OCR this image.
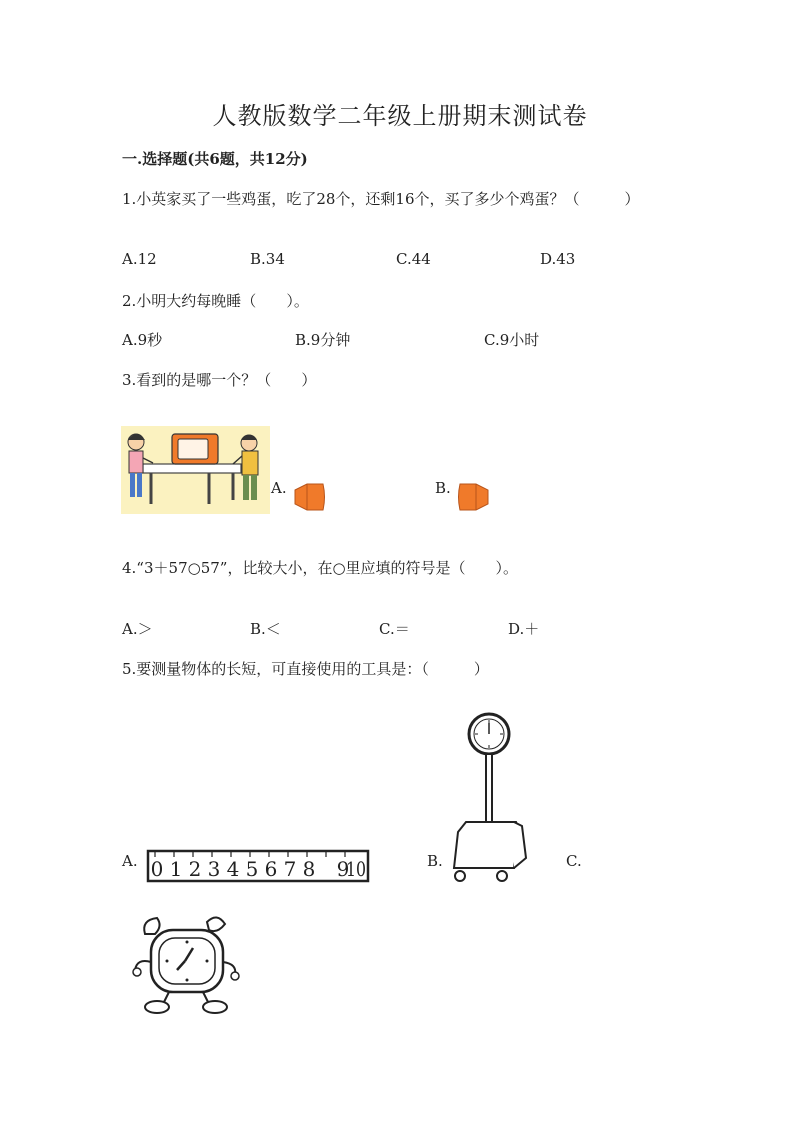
人教版数学二年级上册期末测试卷
一.选择题(共6题，共12分)
1.小英家买了一些鸡蛋，吃了28个，还剩16个，买了多少个鸡蛋？（　　　）
A.12	B.34	C.44	D.43
2.小明大约每晚睡（　　）。
A.9秒	B.9分钟	C.9小时
3.看到的是哪一个？（　　）
A.	B.
4.“3＋57○57”，比较大小，在○里应填的符号是（　　）。
A.＞	B.＜	C.＝	D.＋
5.要测量物体的长短，可直接使用的工具是：（　　　）
A. 0 1 2 3 4 5 6 7 8 9
10	B.	C.
